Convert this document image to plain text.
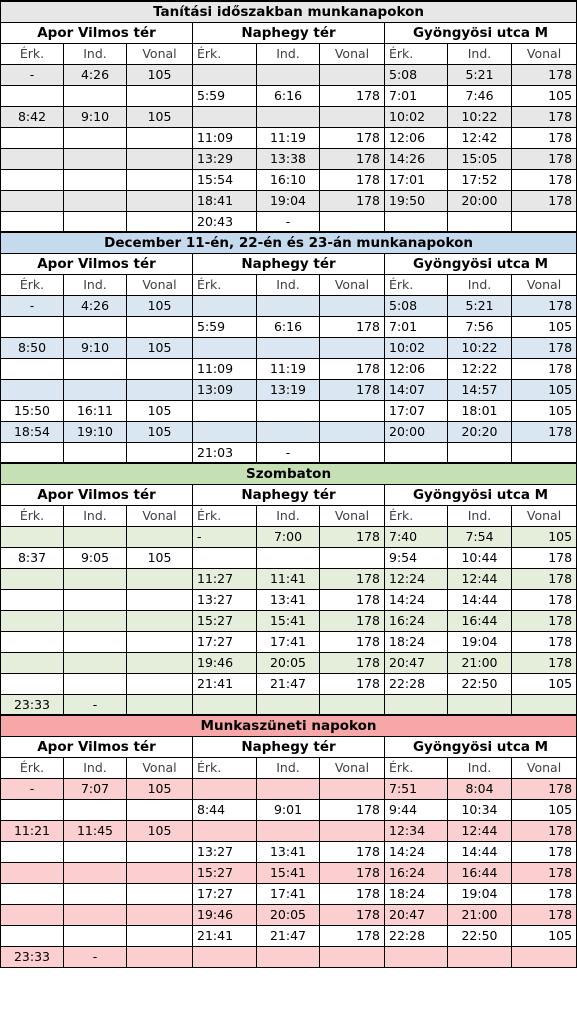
Tanítási időszakban munkanapokon								
Apor Vilmos tér			Naphegy tér			Gyöngyösi utca M		
Érk.	Ind.	Vonal	Érk.	Ind.	Vonal	Érk.	Ind.	Vonal
-	4:26	105				5:08	5:21	178
			5:59	6:16	178	7:01	7:46	105
8:42	9:10	105				10:02	10:22	178
			11:09	11:19	178	12:06	12:42	178
			13:29	13:38	178	14:26	15:05	178
			15:54	16:10	178	17:01	17:52	178
			18:41	19:04	178	19:50	20:00	178
			20:43	-				
December 11-én, 22-én és 23-án munkanapokon								
Apor Vilmos tér			Naphegy tér			Gyöngyösi utca M		
Érk.	Ind.	Vonal	Érk.	Ind.	Vonal	Érk.	Ind.	Vonal
-	4:26	105				5:08	5:21	178
			5:59	6:16	178	7:01	7:56	105
8:50	9:10	105				10:02	10:22	178
			11:09	11:19	178	12:06	12:22	178
			13:09	13:19	178	14:07	14:57	105
15:50	16:11	105				17:07	18:01	105
18:54	19:10	105				20:00	20:20	178
			21:03	-				
Szombaton								
Apor Vilmos tér			Naphegy tér			Gyöngyösi utca M		
Érk.	Ind.	Vonal	Érk.	Ind.	Vonal	Érk.	Ind.	Vonal
			-	7:00	178	7:40	7:54	105
8:37	9:05	105				9:54	10:44	178
			11:27	11:41	178	12:24	12:44	178
			13:27	13:41	178	14:24	14:44	178
			15:27	15:41	178	16:24	16:44	178
			17:27	17:41	178	18:24	19:04	178
			19:46	20:05	178	20:47	21:00	178
			21:41	21:47	178	22:28	22:50	105
23:33	-							
Munkaszüneti napokon								
Apor Vilmos tér			Naphegy tér			Gyöngyösi utca M		
Érk.	Ind.	Vonal	Érk.	Ind.	Vonal	Érk.	Ind.	Vonal
-	7:07	105				7:51	8:04	178
			8:44	9:01	178	9:44	10:34	105
11:21	11:45	105				12:34	12:44	178
			13:27	13:41	178	14:24	14:44	178
			15:27	15:41	178	16:24	16:44	178
			17:27	17:41	178	18:24	19:04	178
			19:46	20:05	178	20:47	21:00	178
			21:41	21:47	178	22:28	22:50	105
23:33	-							
